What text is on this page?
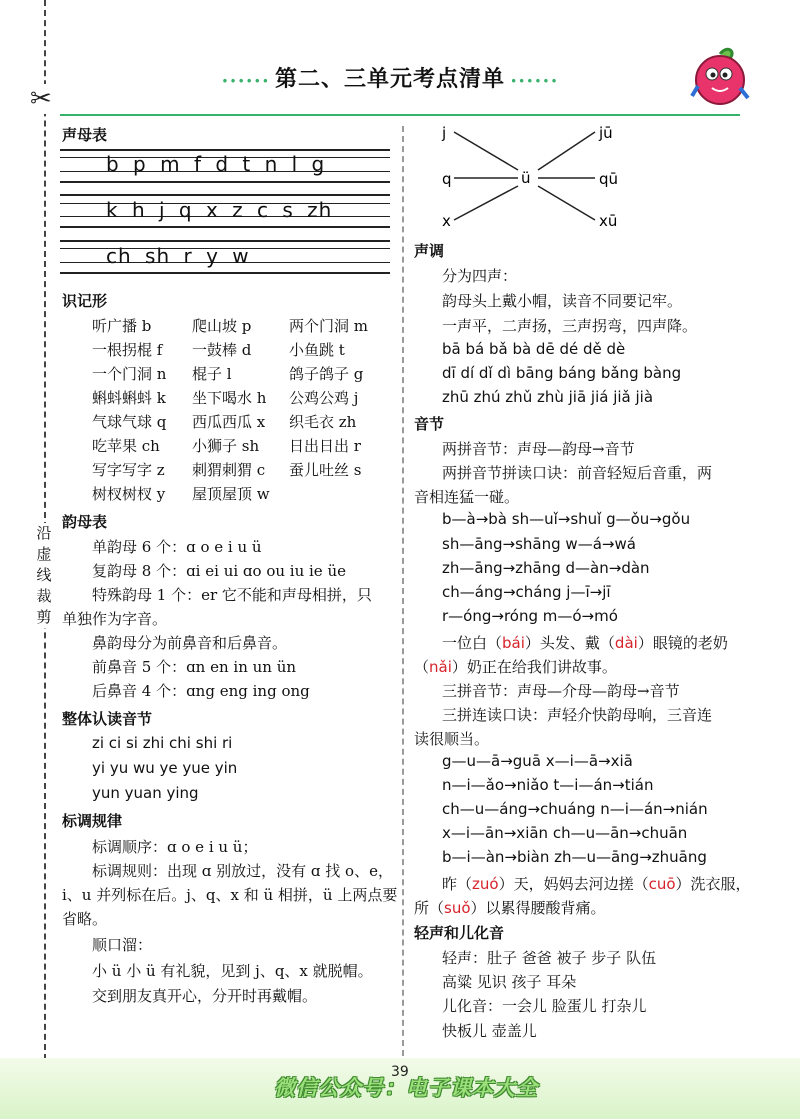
✂
沿虚线裁剪
•••••• 第二、三单元考点清单 ••••••
声母表
b p m f d t n l g
k h j q x z c s zh
ch sh r y w
识记形
听广播 b	爬山坡 p	两个门洞 m
一根拐棍 f 一鼓棒 d	小鱼跳 t
一个门洞 n 棍子 l	鸽子鸽子 g
蝌蚪蝌蚪 k 坐下喝水 h 公鸡公鸡 j
气球气球 q 西瓜西瓜 x 织毛衣 zh
吃苹果 ch 小狮子 sh 日出日出 r
写字写字 z 刺猬刺猬 c 蚕儿吐丝 s
树杈树杈 y 屋顶屋顶 w
韵母表
单韵母 6 个：ɑ o e i u ü
复韵母 8 个：ɑi ei ui ɑo ou iu ie üe
特殊韵母 1 个：er 它不能和声母相拼，只
单独作为字音。
鼻韵母分为前鼻音和后鼻音。
前鼻音 5 个：ɑn en in un ün
后鼻音 4 个：ɑng eng ing ong
整体认读音节
zi ci si zhi chi shi ri
yi yu wu ye yue yin
yun yuan ying
标调规律
标调顺序：ɑ o e i u ü；
标调规则：出现 ɑ 别放过，没有 ɑ 找 o、e，
i、u 并列标在后。j、q、x 和 ü 相拼，ü 上两点要
省略。
顺口溜：
小 ü 小 ü 有礼貌，见到 j、q、x 就脱帽。
交到朋友真开心，分开时再戴帽。
j
q
x
ü
jū
qū
xū
声调
分为四声：
韵母头上戴小帽，读音不同要记牢。
一声平，二声扬，三声拐弯，四声降。
bā bá bǎ bà dē dé dě dè
dī dí dǐ dì bāng báng bǎng bàng
zhū zhú zhǔ zhù jiā jiá jiǎ jià
音节
两拼音节：声母—韵母→音节
两拼音节拼读口诀：前音轻短后音重，两
音相连猛一碰。
b—à→bà sh—uǐ→shuǐ g—ǒu→gǒu
sh—āng→shāng w—á→wá
zh—āng→zhāng d—àn→dàn
ch—áng→cháng j—ī→jī
r—óng→róng m—ó→mó
一位白（bái）头发、戴（dài）眼镜的老奶
（nǎi）奶正在给我们讲故事。
三拼音节：声母—介母—韵母→音节
三拼连读口诀：声轻介快韵母响，三音连
读很顺当。
g—u—ā→guā x—i—ā→xiā
n—i—ǎo→niǎo t—i—án→tián
ch—u—áng→chuáng n—i—án→nián
x—i—ān→xiān ch—u—ān→chuān
b—i—àn→biàn zh—u—āng→zhuāng
昨（zuó）天，妈妈去河边搓（cuō）洗衣服，
所（suǒ）以累得腰酸背痛。
轻声和儿化音
轻声：肚子 爸爸 被子 步子 队伍
高粱 见识 孩子 耳朵
儿化音：一会儿 脸蛋儿 打杂儿
快板儿 壶盖儿
39
微信公众号：电子课本大全
